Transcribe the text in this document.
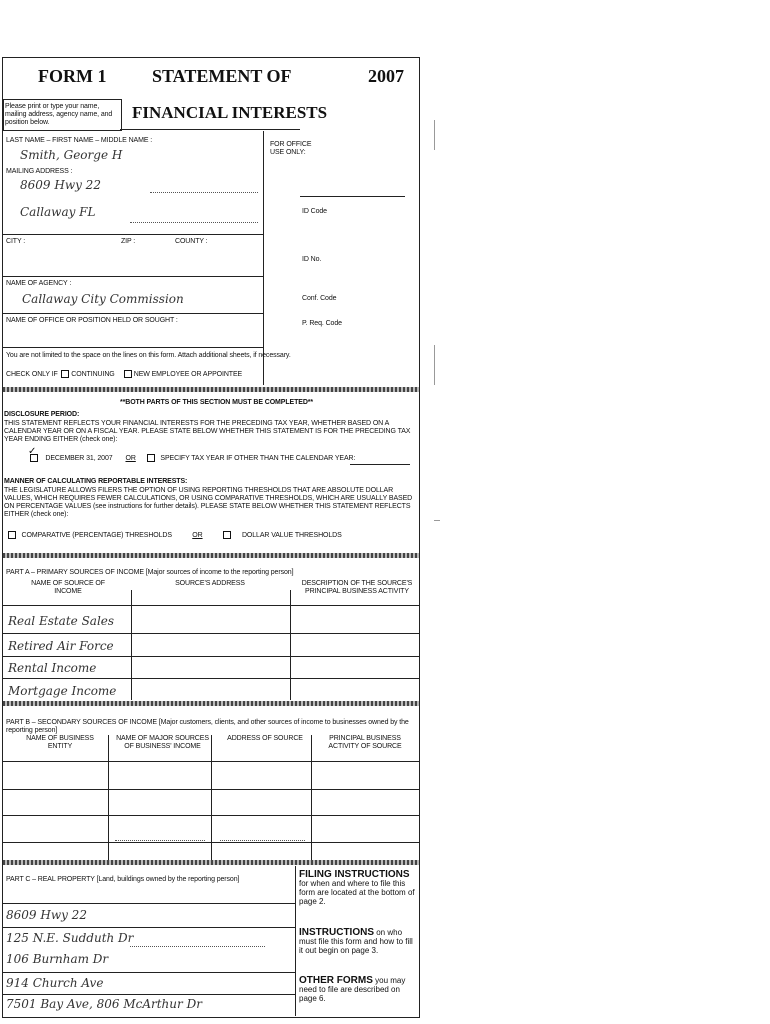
FORM 1	STATEMENT OF	2007
Please print or type your name, mailing address, agency name, and position below.
FINANCIAL INTERESTS
LAST NAME – FIRST NAME – MIDDLE NAME :
Smith, George H
MAILING ADDRESS :
8609 Hwy 22
Callaway FL
CITY :	ZIP :	COUNTY :
NAME OF AGENCY :
Callaway City Commission
NAME OF OFFICE OR POSITION HELD OR SOUGHT :
You are not limited to the space on the lines on this form. Attach additional sheets, if necessary.
CHECK ONLY IF CONTINUING	NEW EMPLOYEE OR APPOINTEE
FOR OFFICE USE ONLY:
ID Code
ID No.
Conf. Code
P. Req. Code
**BOTH PARTS OF THIS SECTION MUST BE COMPLETED**
DISCLOSURE PERIOD:
THIS STATEMENT REFLECTS YOUR FINANCIAL INTERESTS FOR THE PRECEDING TAX YEAR, WHETHER BASED ON A CALENDAR YEAR OR ON A FISCAL YEAR. PLEASE STATE BELOW WHETHER THIS STATEMENT IS FOR THE PRECEDING TAX YEAR ENDING EITHER (check one):
✓
DECEMBER 31, 2007 OR	SPECIFY TAX YEAR IF OTHER THAN THE CALENDAR YEAR:
MANNER OF CALCULATING REPORTABLE INTERESTS:
THE LEGISLATURE ALLOWS FILERS THE OPTION OF USING REPORTING THRESHOLDS THAT ARE ABSOLUTE DOLLAR VALUES, WHICH REQUIRES FEWER CALCULATIONS, OR USING COMPARATIVE THRESHOLDS, WHICH ARE USUALLY BASED ON PERCENTAGE VALUES (see instructions for further details). PLEASE STATE BELOW WHETHER THIS STATEMENT REFLECTS EITHER (check one):
COMPARATIVE (PERCENTAGE) THRESHOLDS	OR	DOLLAR VALUE THRESHOLDS
PART A – PRIMARY SOURCES OF INCOME [Major sources of income to the reporting person]
NAME OF SOURCE OF INCOME
SOURCE'S ADDRESS	DESCRIPTION OF THE SOURCE'S PRINCIPAL BUSINESS ACTIVITY
Real Estate Sales
Retired Air Force
Rental Income
Mortgage Income
PART B – SECONDARY SOURCES OF INCOME [Major customers, clients, and other sources of income to businesses owned by the reporting person]
NAME OF BUSINESS ENTITY
NAME OF MAJOR SOURCES OF BUSINESS' INCOME
ADDRESS OF SOURCE	PRINCIPAL BUSINESS ACTIVITY OF SOURCE
PART C – REAL PROPERTY [Land, buildings owned by the reporting person]
8609 Hwy 22
125 N.E. Sudduth Dr
106 Burnham Dr
914 Church Ave
7501 Bay Ave, 806 McArthur Dr
FILING INSTRUCTIONS for when and where to file this form are located at the bottom of page 2.
INSTRUCTIONS on who must file this form and how to fill it out begin on page 3.
OTHER FORMS you may need to file are described on page 6.
